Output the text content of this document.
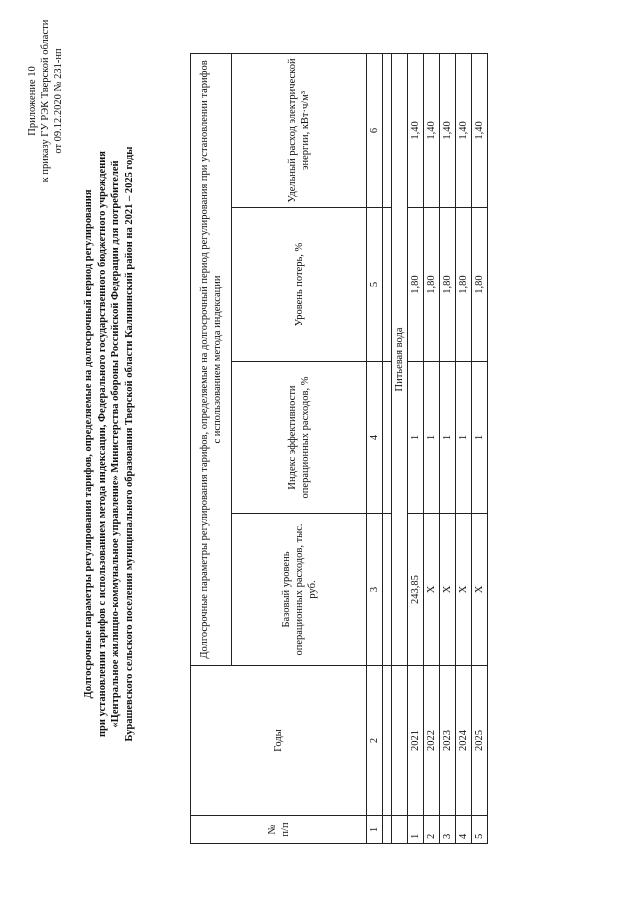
Приложение 10 к приказу ГУ РЭК Тверской области от 09.12.2020 № 231-нп
Долгосрочные параметры регулирования тарифов, определяемые на долгосрочный период регулирования при установлении тарифов с использованием метода индексации, Федерального государственного бюджетного учреждения «Центральное жилищно-коммунальное управление» Министерства обороны Российской Федерации для потребителей Бурашевского сельского поселения муниципального образования Тверской области Калининский район на 2021 – 2025 годы
№ п/п	Годы	Долгосрочные параметры регулирования тарифов, определяемые на долгосрочный период регулирования при установлении тарифов с использованием метода индексации			
		Базовый уровень операционных расходов, тыс. руб.	Индекс эффективности операционных расходов, %	Уровень потерь, %	Удельный расход электрической энергии, кВт·ч/м³
1	2	3	4	5	6

		Питьевая вода			
1	2021	243,85	1	1,80	1,40
2	2022	X	1	1,80	1,40
3	2023	X	1	1,80	1,40
4	2024	X	1	1,80	1,40
5	2025	X	1	1,80	1,40
